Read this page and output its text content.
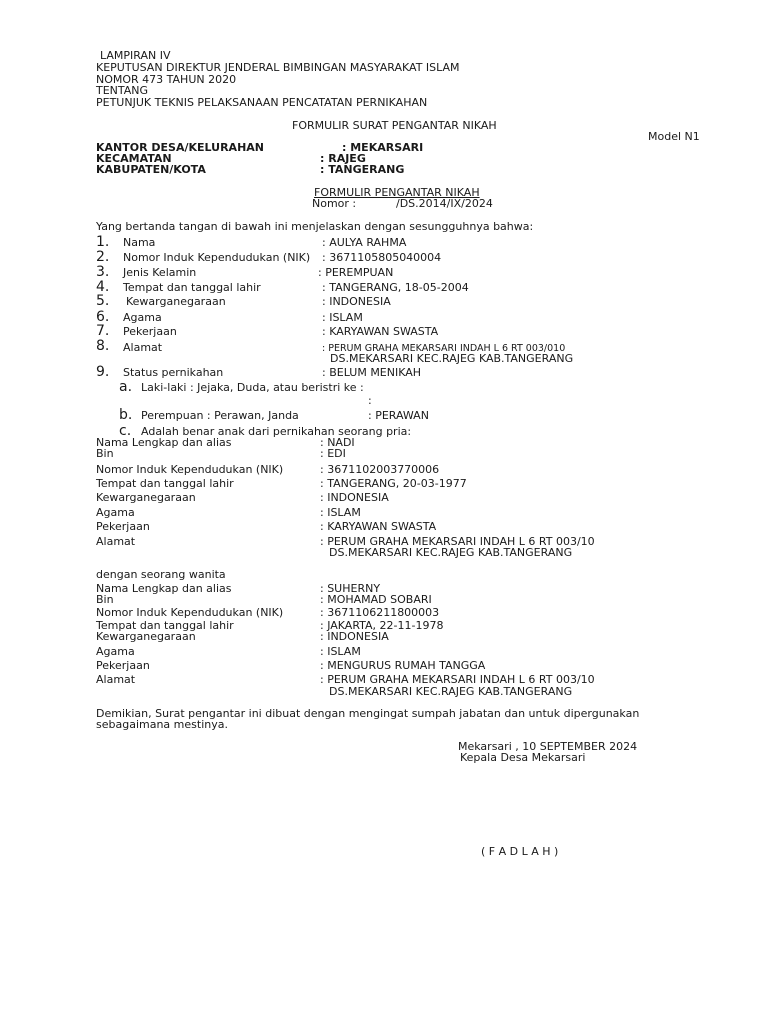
LAMPIRAN IV
KEPUTUSAN DIREKTUR JENDERAL BIMBINGAN MASYARAKAT ISLAM
NOMOR 473 TAHUN 2020
TENTANG
PETUNJUK TEKNIS PELAKSANAAN PENCATATAN PERNIKAHAN
FORMULIR SURAT PENGANTAR NIKAH
Model N1
KANTOR DESA/KELURAHAN	: MEKARSARI
KECAMATAN	: RAJEG
KABUPATEN/KOTA	: TANGERANG
FORMULIR PENGANTAR NIKAH
Nomor :	/DS.2014/IX/2024
Yang bertanda tangan di bawah ini menjelaskan dengan sesungguhnya bahwa:
1. Nama	: AULYA RAHMA
2. Nomor Induk Kependudukan (NIK) : 3671105805040004
3. Jenis Kelamin	: PEREMPUAN
4. Tempat dan tanggal lahir	: TANGERANG, 18-05-2004
5. Kewarganegaraan	: INDONESIA
6. Agama	: ISLAM
7. Pekerjaan	: KARYAWAN SWASTA
8. Alamat	: PERUM GRAHA MEKARSARI INDAH L 6 RT 003/010
DS.MEKARSARI KEC.RAJEG KAB.TANGERANG
9. Status pernikahan	: BELUM MENIKAH
a. Laki-laki : Jejaka, Duda, atau beristri ke :
:
b. Perempuan : Perawan, Janda	: PERAWAN
c. Adalah benar anak dari pernikahan seorang pria:
Nama Lengkap dan alias	: NADI
Bin	: EDI
Nomor Induk Kependudukan (NIK)	: 3671102003770006
Tempat dan tanggal lahir	: TANGERANG, 20-03-1977
Kewarganegaraan	: INDONESIA
Agama	: ISLAM
Pekerjaan	: KARYAWAN SWASTA
Alamat	: PERUM GRAHA MEKARSARI INDAH L 6 RT 003/10
DS.MEKARSARI KEC.RAJEG KAB.TANGERANG
dengan seorang wanita
Nama Lengkap dan alias	: SUHERNY
Bin	: MOHAMAD SOBARI
Nomor Induk Kependudukan (NIK)	: 3671106211800003
Tempat dan tanggal lahir	: JAKARTA, 22-11-1978
Kewarganegaraan	: INDONESIA
Agama	: ISLAM
Pekerjaan	: MENGURUS RUMAH TANGGA
Alamat	: PERUM GRAHA MEKARSARI INDAH L 6 RT 003/10
DS.MEKARSARI KEC.RAJEG KAB.TANGERANG
Demikian, Surat pengantar ini dibuat dengan mengingat sumpah jabatan dan untuk dipergunakan
sebagaimana mestinya.
Mekarsari , 10 SEPTEMBER 2024
Kepala Desa Mekarsari
( F A D L A H )
